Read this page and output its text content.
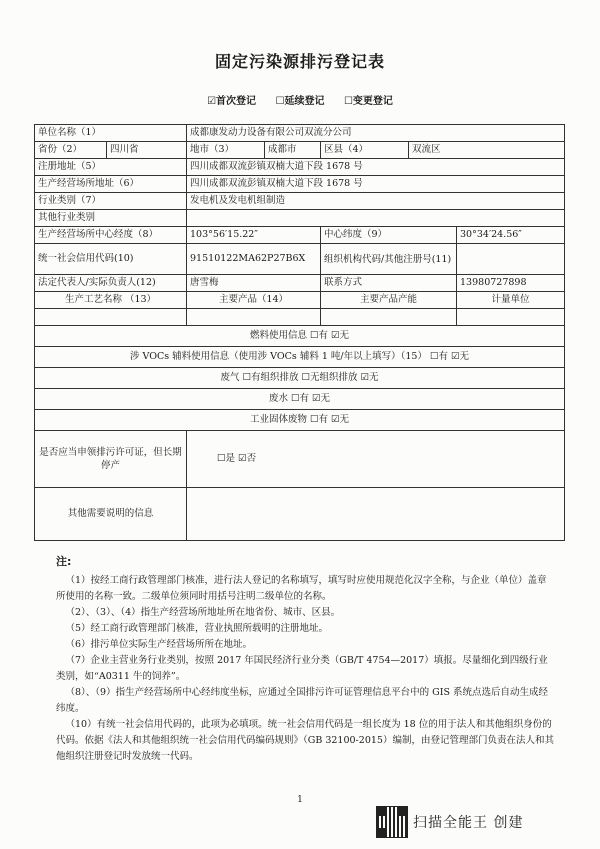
固定污染源排污登记表
☑首次登记 ☐延续登记 ☐变更登记
单位名称（1）		成都康发动力设备有限公司双流分公司				
省份（2）	四川省	地市（3）	成都市	区县（4）	双流区	
注册地址（5）		四川成都双流彭镇双楠大道下段 1678 号				
生产经营场所地址（6）		四川成都双流彭镇双楠大道下段 1678 号				
行业类别（7）		发电机及发电机组制造				
其他行业类别						
生产经营场所中心经度（8）		103°56′15.22″		中心纬度（9）		30°34′24.56″
统一社会信用代码(10)		91510122MA62P27B6X		组织机构代码/其他注册号(11)		
法定代表人/实际负责人(12)		唐雪梅		联系方式		13980727898
生产工艺名称 （13）		主要产品（14）		主要产品产能		计量单位

燃料使用信息 ☐有 ☑无						
涉 VOCs 辅料使用信息（使用涉 VOCs 辅料 1 吨/年以上填写）（15） ☐有 ☑无						
废气 ☐有组织排放 ☐无组织排放 ☑无						
废水 ☐有 ☑无						
工业固体废物 ☐有 ☑无						
是否应当申领排污许可证，但长期停产		☐是 ☑否				
其他需要说明的信息						
注:

（1）按经工商行政管理部门核准，进行法人登记的名称填写，填写时应使用规范化汉字全称，与企业（单位）盖章所使用的名称一致。二级单位须同时用括号注明二级单位的名称。

（2）、（3）、（4）指生产经营场所地址所在地省份、城市、区县。

（5）经工商行政管理部门核准，营业执照所载明的注册地址。

（6）排污单位实际生产经营场所所在地址。

（7）企业主营业务行业类别，按照 2017 年国民经济行业分类（GB/T 4754—2017）填报。尽量细化到四级行业类别，如“A0311 牛的饲养”。

（8）、（9）指生产经营场所中心经纬度坐标，应通过全国排污许可证管理信息平台中的 GIS 系统点选后自动生成经纬度。

（10）有统一社会信用代码的，此项为必填项。统一社会信用代码是一组长度为 18 位的用于法人和其他组织身份的代码。依据《法人和其他组织统一社会信用代码编码规则》（GB 32100-2015）编制，由登记管理部门负责在法人和其他组织注册登记时发放统一代码。

1
扫描全能王 创建
